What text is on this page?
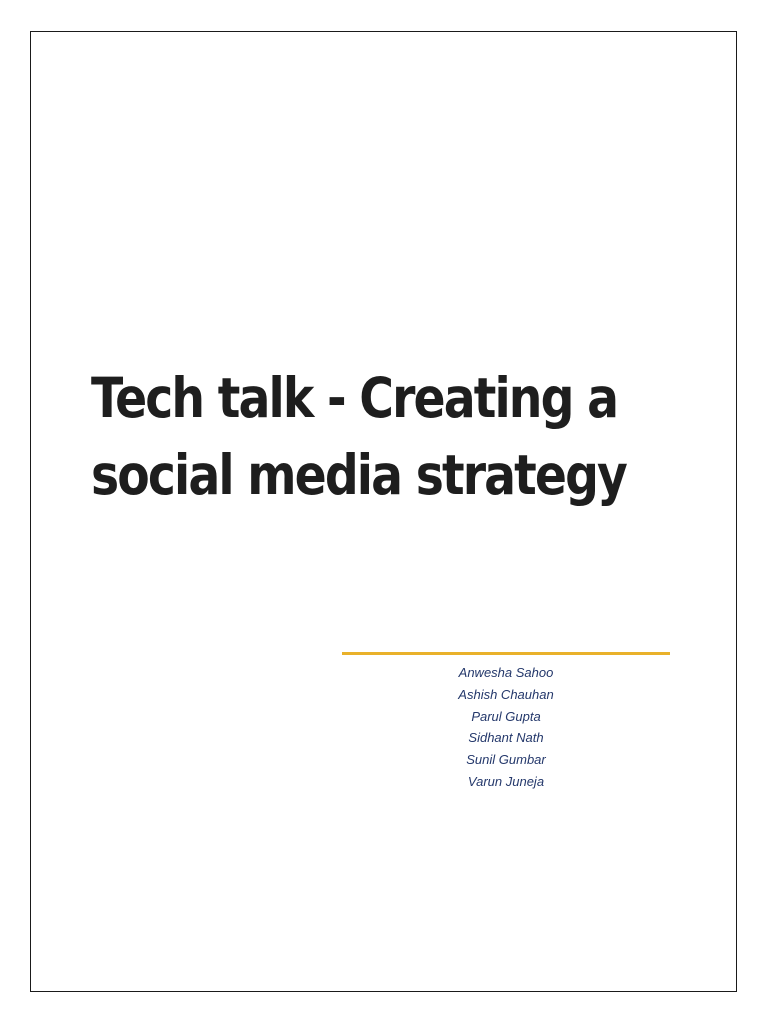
Tech talk - Creating a
social media strategy
Anwesha Sahoo
Ashish Chauhan
Parul Gupta
Sidhant Nath
Sunil Gumbar
Varun Juneja
